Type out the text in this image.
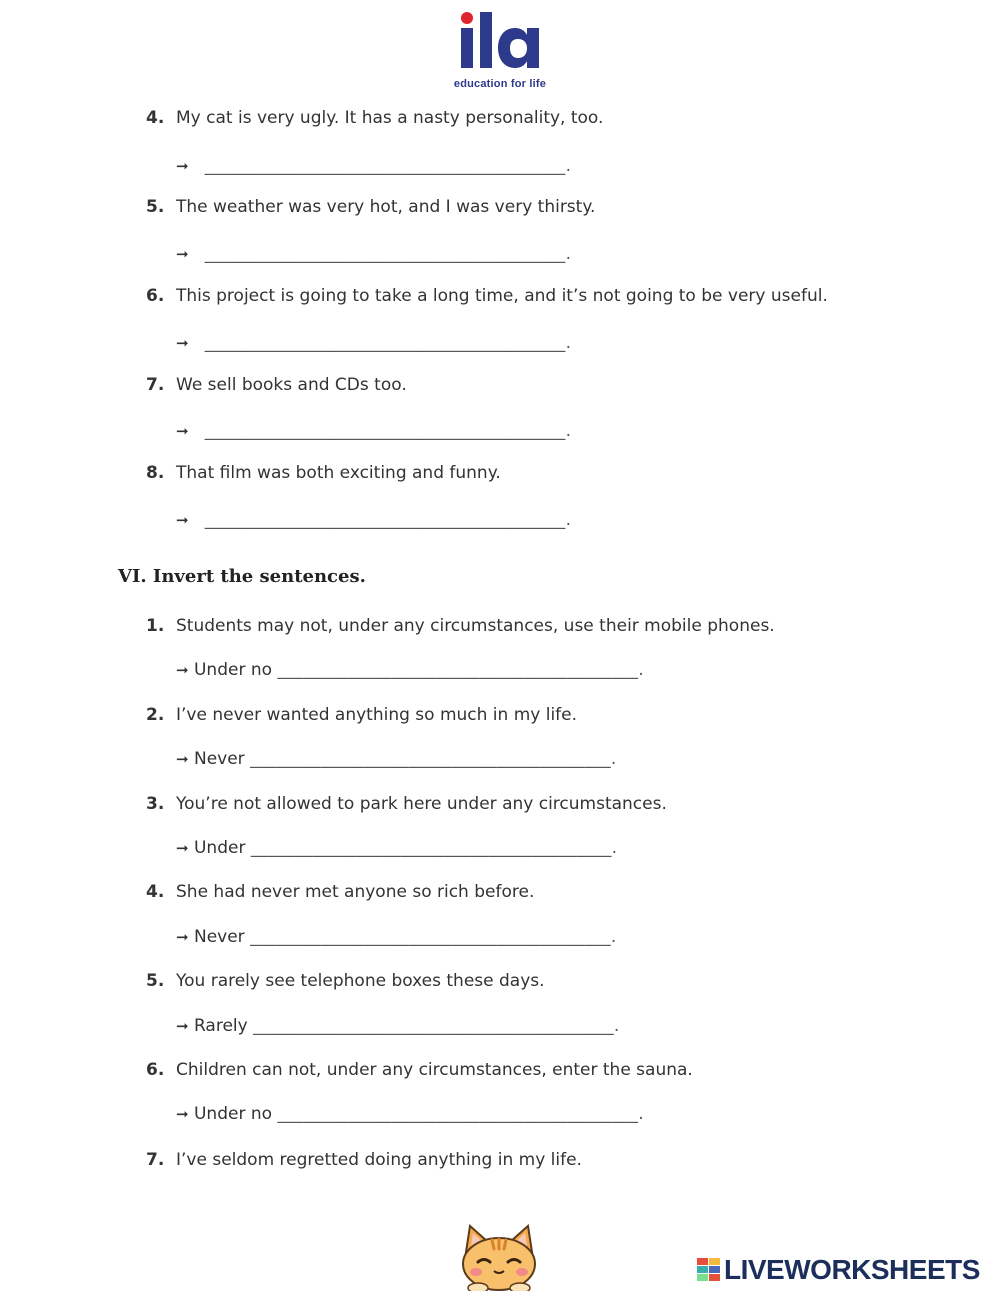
education for life
4. My cat is very ugly. It has a nasty personality, too.
➞ _________________________________________.
5. The weather was very hot, and I was very thirsty.
➞ _________________________________________.
6. This project is going to take a long time, and it’s not going to be very useful.
➞ _________________________________________.
7. We sell books and CDs too.
➞ _________________________________________.
8. That film was both exciting and funny.
➞ _________________________________________.
VI. Invert the sentences.
1. Students may not, under any circumstances, use their mobile phones.
➞ Under no _________________________________________.
2. I’ve never wanted anything so much in my life.
➞ Never _________________________________________.
3. You’re not allowed to park here under any circumstances.
➞ Under _________________________________________.
4. She had never met anyone so rich before.
➞ Never _________________________________________.
5. You rarely see telephone boxes these days.
➞ Rarely _________________________________________.
6. Children can not, under any circumstances, enter the sauna.
➞ Under no _________________________________________.
7. I’ve seldom regretted doing anything in my life.
LIVEWORKSHEETS
